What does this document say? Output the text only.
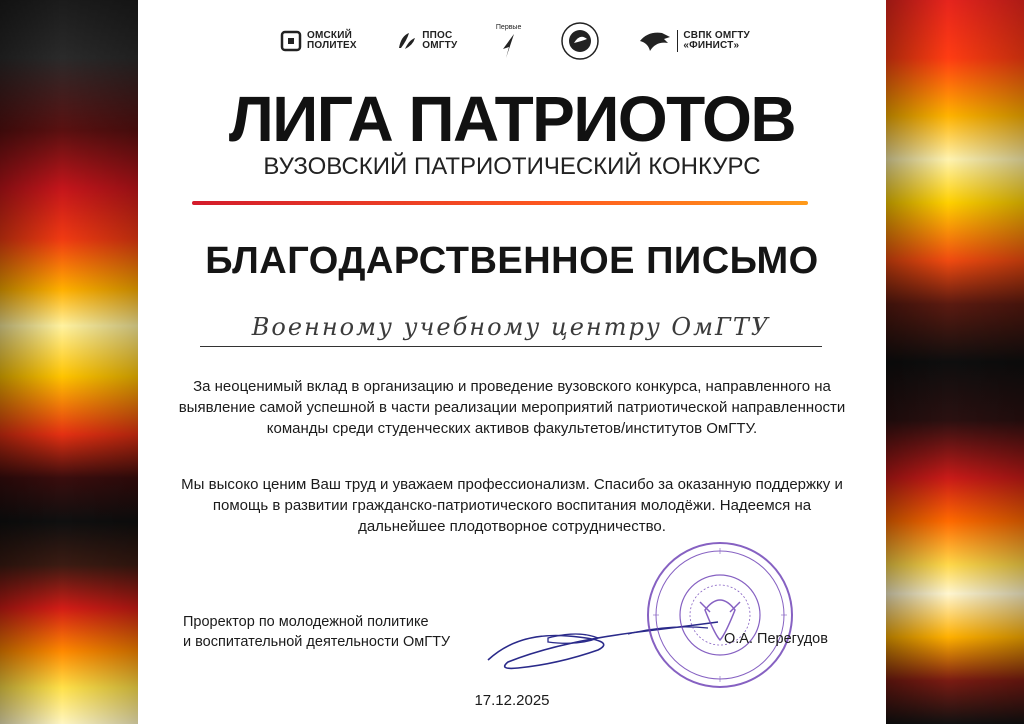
ОМСКИЙ
ПОЛИТЕХ
ППОС
ОМГТУ
Первые
СВПК ОМГТУ
«ФИНИСТ»
ЛИГА ПАТРИОТОВ
ВУЗОВСКИЙ ПАТРИОТИЧЕСКИЙ КОНКУРС
БЛАГОДАРСТВЕННОЕ ПИСЬМО
Военному учебному центру ОмГТУ
За неоценимый вклад в организацию и проведение вузовского конкурса, направленного на выявление самой успешной в части реализации мероприятий патриотической направленности команды среди студенческих активов факультетов/институтов ОмГТУ.
Мы высоко ценим Ваш труд и уважаем профессионализм. Спасибо за оказанную поддержку и помощь в развитии гражданско-патриотического воспитания молодёжи. Надеемся на дальнейшее плодотворное сотрудничество.
Проректор по молодежной политике
и воспитательной деятельности ОмГТУ	О.А. Перегудов
17.12.2025
